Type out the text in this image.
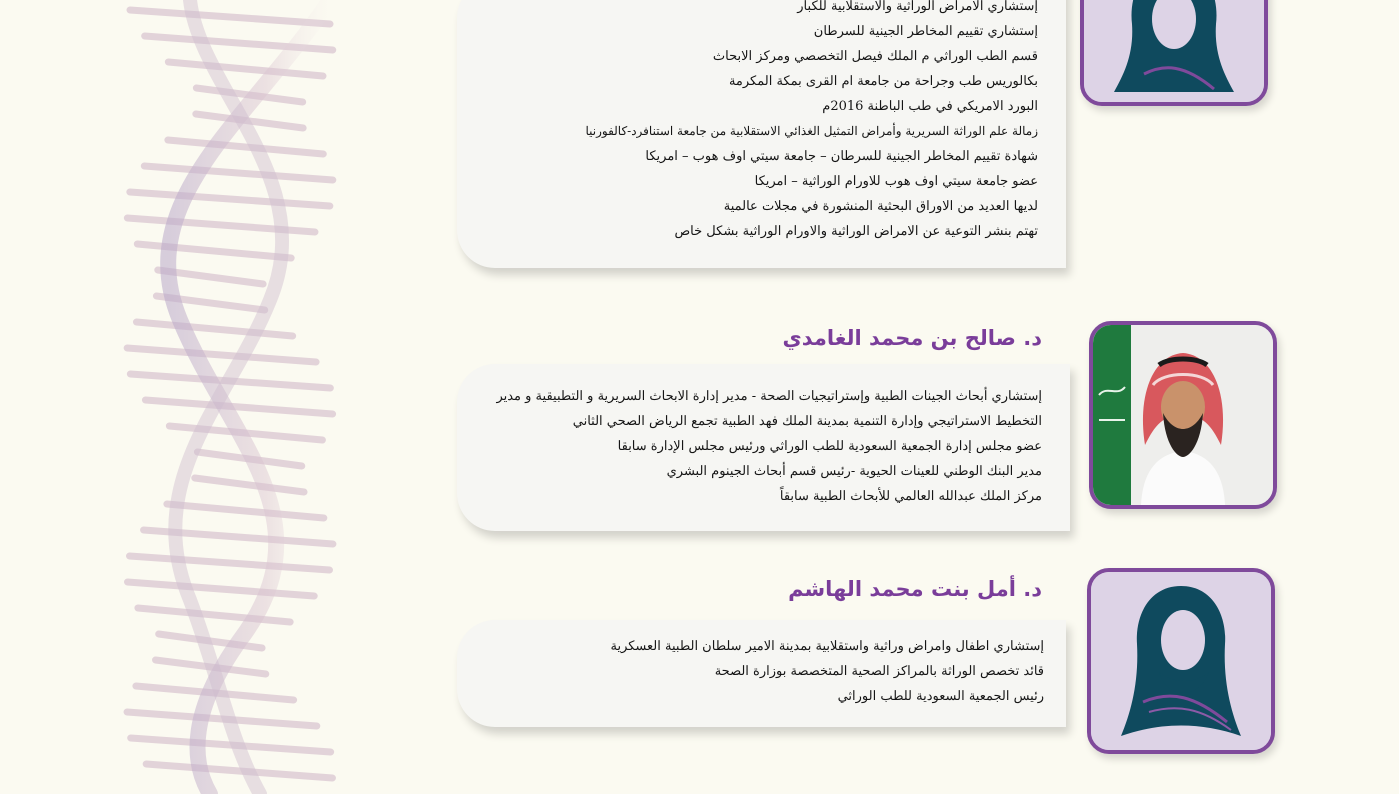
إستشاري الامراض الوراثية والاستقلابية للكبار
إستشاري تقييم المخاطر الجينية للسرطان
قسم الطب الوراثي م الملك فيصل التخصصي ومركز الابحاث
بكالوريس طب وجراحة من جامعة ام القرى بمكة المكرمة
البورد الامريكي في طب الباطنة 2016م
زمالة علم الوراثة السريرية وأمراض التمثيل الغذائي الاستقلابية من جامعة استنافرد-كالفورنيا
شهادة تقييم المخاطر الجينية للسرطان – جامعة سيتي اوف هوب – امريكا
عضو جامعة سيتي اوف هوب للاورام الوراثية – امريكا
لديها العديد من الاوراق البحثية المنشورة في مجلات عالمية
تهتم بنشر التوعية عن الامراض الوراثية والاورام الوراثية بشكل خاص
د. صالح بن محمد الغامدي
إستشاري أبحاث الجينات الطبية وإستراتيجيات الصحة - مدير إدارة الابحاث السريرية و التطبيقية و مدير
التخطيط الاستراتيجي وإدارة التنمية بمدينة الملك فهد الطبية تجمع الرياض الصحي الثاني
عضو مجلس إدارة الجمعية السعودية للطب الوراثي ورئيس مجلس الإدارة سابقا
مدير البنك الوطني للعينات الحيوية -رئيس قسم أبحاث الجينوم البشري
مركز الملك عبدالله العالمي للأبحاث الطبية سابقاً
د. أمل بنت محمد الهاشم
إستشاري اطفال وامراض وراثية واستقلابية بمدينة الامير سلطان الطبية العسكرية
قائد تخصص الوراثة بالمراكز الصحية المتخصصة بوزارة الصحة
رئيس الجمعية السعودية للطب الوراثي
